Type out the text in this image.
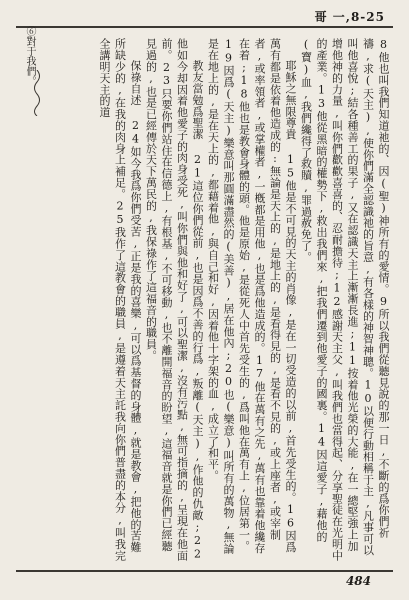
哥 一,8-25

8他也叫我們知道祂的、因(聖)神所有的愛情。9所以我們從聽見說的那一日,不斷的爲你們祈禱,求(天主),使你們滿全認識祂的旨意,有各樣的神智神聰。10以便行動相稱于主,凡事可以叫他喜悅;結各種善工的果子,又在認識天主上漸漸長進;11按着他光榮的大能,在一總堅強上加增他神的力量,叫你們歡歡喜喜的、忍耐擔待;12感謝天主父,叫我們也當得起、分享聖徒在光明中的產業。13他從黑暗的權勢下,救出我們來,把我們遷到他愛子的國裏。14因這愛子,藉他的(寶)血,我們纔得了救贖,罪過赦免了。

耶穌之無限尊貴 15他是不可見的天主的肖像,是在一切受造的以前,首先受生的。16因爲萬有都是依着他造成的:無論是天上的,是地上的,是看得見的,是看不見的,或上座者,或宰制者,或率領者,或掌權者,一槪都是用他,也是爲他造成的。17他在萬有之先,萬有也靠着他纔存在着;18他也是教會身體的頭。他是原始,是從死人中首先受生的,爲叫他在萬有上,位居第一。19因爲(天主)樂意叫那圓滿盡然的(美善),居在他內;20也(樂意)叫所有的萬物,無論是在地上的,是在天上的,都藉着他,與自己和好,因着他十字架的血,成立了和平。

教友當勉爲聖潔 21這位你們從前,也是因爲不善的行爲,叛離(天主),作他的仇敵;22他如今却因着他愛子的肉身受死,叫你們與他和好了,可以聖潔,沒有污點,無可指摘的,呈現在他面前。23只要你們站住在信德上,有根基,不可移動,也不離開福音的盼望,這福音就是你們已經聽見過的,也是已經傳於天下萬民的,我保祿作了這福音的職員。

保祿自述 24如今我爲你們受苦,正是我的喜樂,可以爲基督的身體,就是教會,把他的苦難所缺少的,在我的肉身上補足。25我作了這教會的職員,是遵着天主託我向你們普盡的本分,叫我完全講明天主的道

⑥對于我們。
484
